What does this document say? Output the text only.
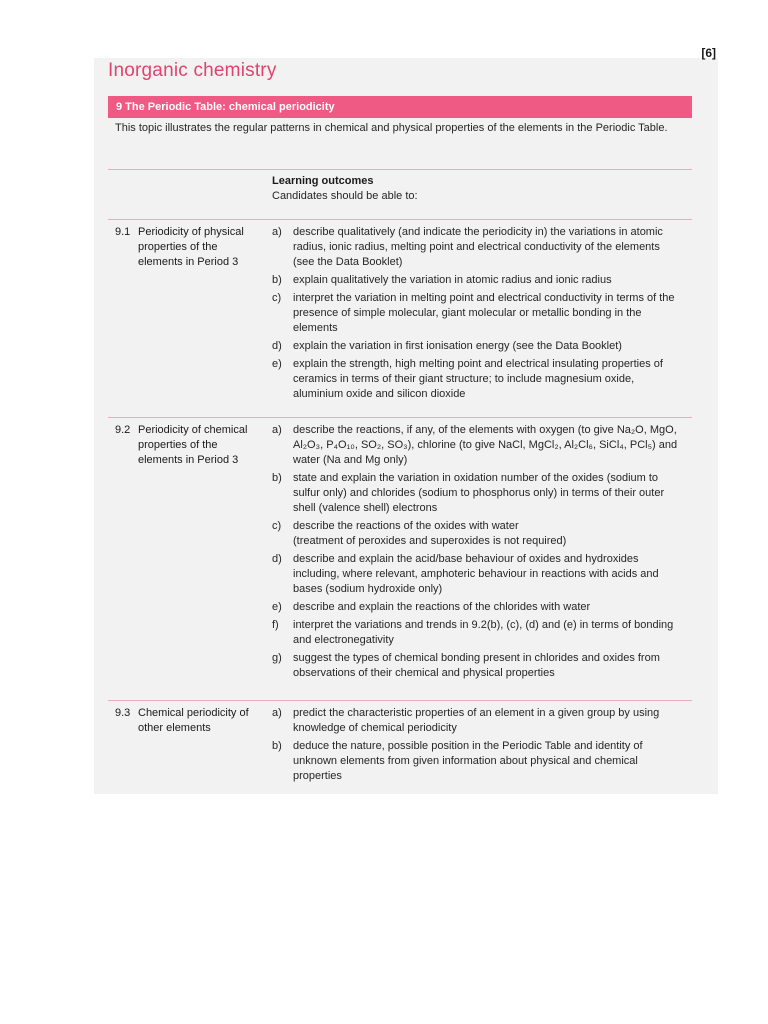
[6]
Inorganic chemistry
9 The Periodic Table: chemical periodicity
This topic illustrates the regular patterns in chemical and physical properties of the elements in the Periodic Table.
Learning outcomes
Candidates should be able to:
9.1 Periodicity of physical properties of the elements in Period 3
a) describe qualitatively (and indicate the periodicity in) the variations in atomic radius, ionic radius, melting point and electrical conductivity of the elements (see the Data Booklet)
b) explain qualitatively the variation in atomic radius and ionic radius
c) interpret the variation in melting point and electrical conductivity in terms of the presence of simple molecular, giant molecular or metallic bonding in the elements
d) explain the variation in first ionisation energy (see the Data Booklet)
e) explain the strength, high melting point and electrical insulating properties of ceramics in terms of their giant structure; to include magnesium oxide, aluminium oxide and silicon dioxide
9.2 Periodicity of chemical properties of the elements in Period 3
a) describe the reactions, if any, of the elements with oxygen (to give Na₂O, MgO, Al₂O₃, P₄O₁₀, SO₂, SO₃), chlorine (to give NaCl, MgCl₂, Al₂Cl₆, SiCl₄, PCl₅) and water (Na and Mg only)
b) state and explain the variation in oxidation number of the oxides (sodium to sulfur only) and chlorides (sodium to phosphorus only) in terms of their outer shell (valence shell) electrons
c) describe the reactions of the oxides with water
(treatment of peroxides and superoxides is not required)
d) describe and explain the acid/base behaviour of oxides and hydroxides including, where relevant, amphoteric behaviour in reactions with acids and bases (sodium hydroxide only)
e) describe and explain the reactions of the chlorides with water
f) interpret the variations and trends in 9.2(b), (c), (d) and (e) in terms of bonding and electronegativity
g) suggest the types of chemical bonding present in chlorides and oxides from observations of their chemical and physical properties
9.3 Chemical periodicity of other elements
a) predict the characteristic properties of an element in a given group by using knowledge of chemical periodicity
b) deduce the nature, possible position in the Periodic Table and identity of unknown elements from given information about physical and chemical properties
